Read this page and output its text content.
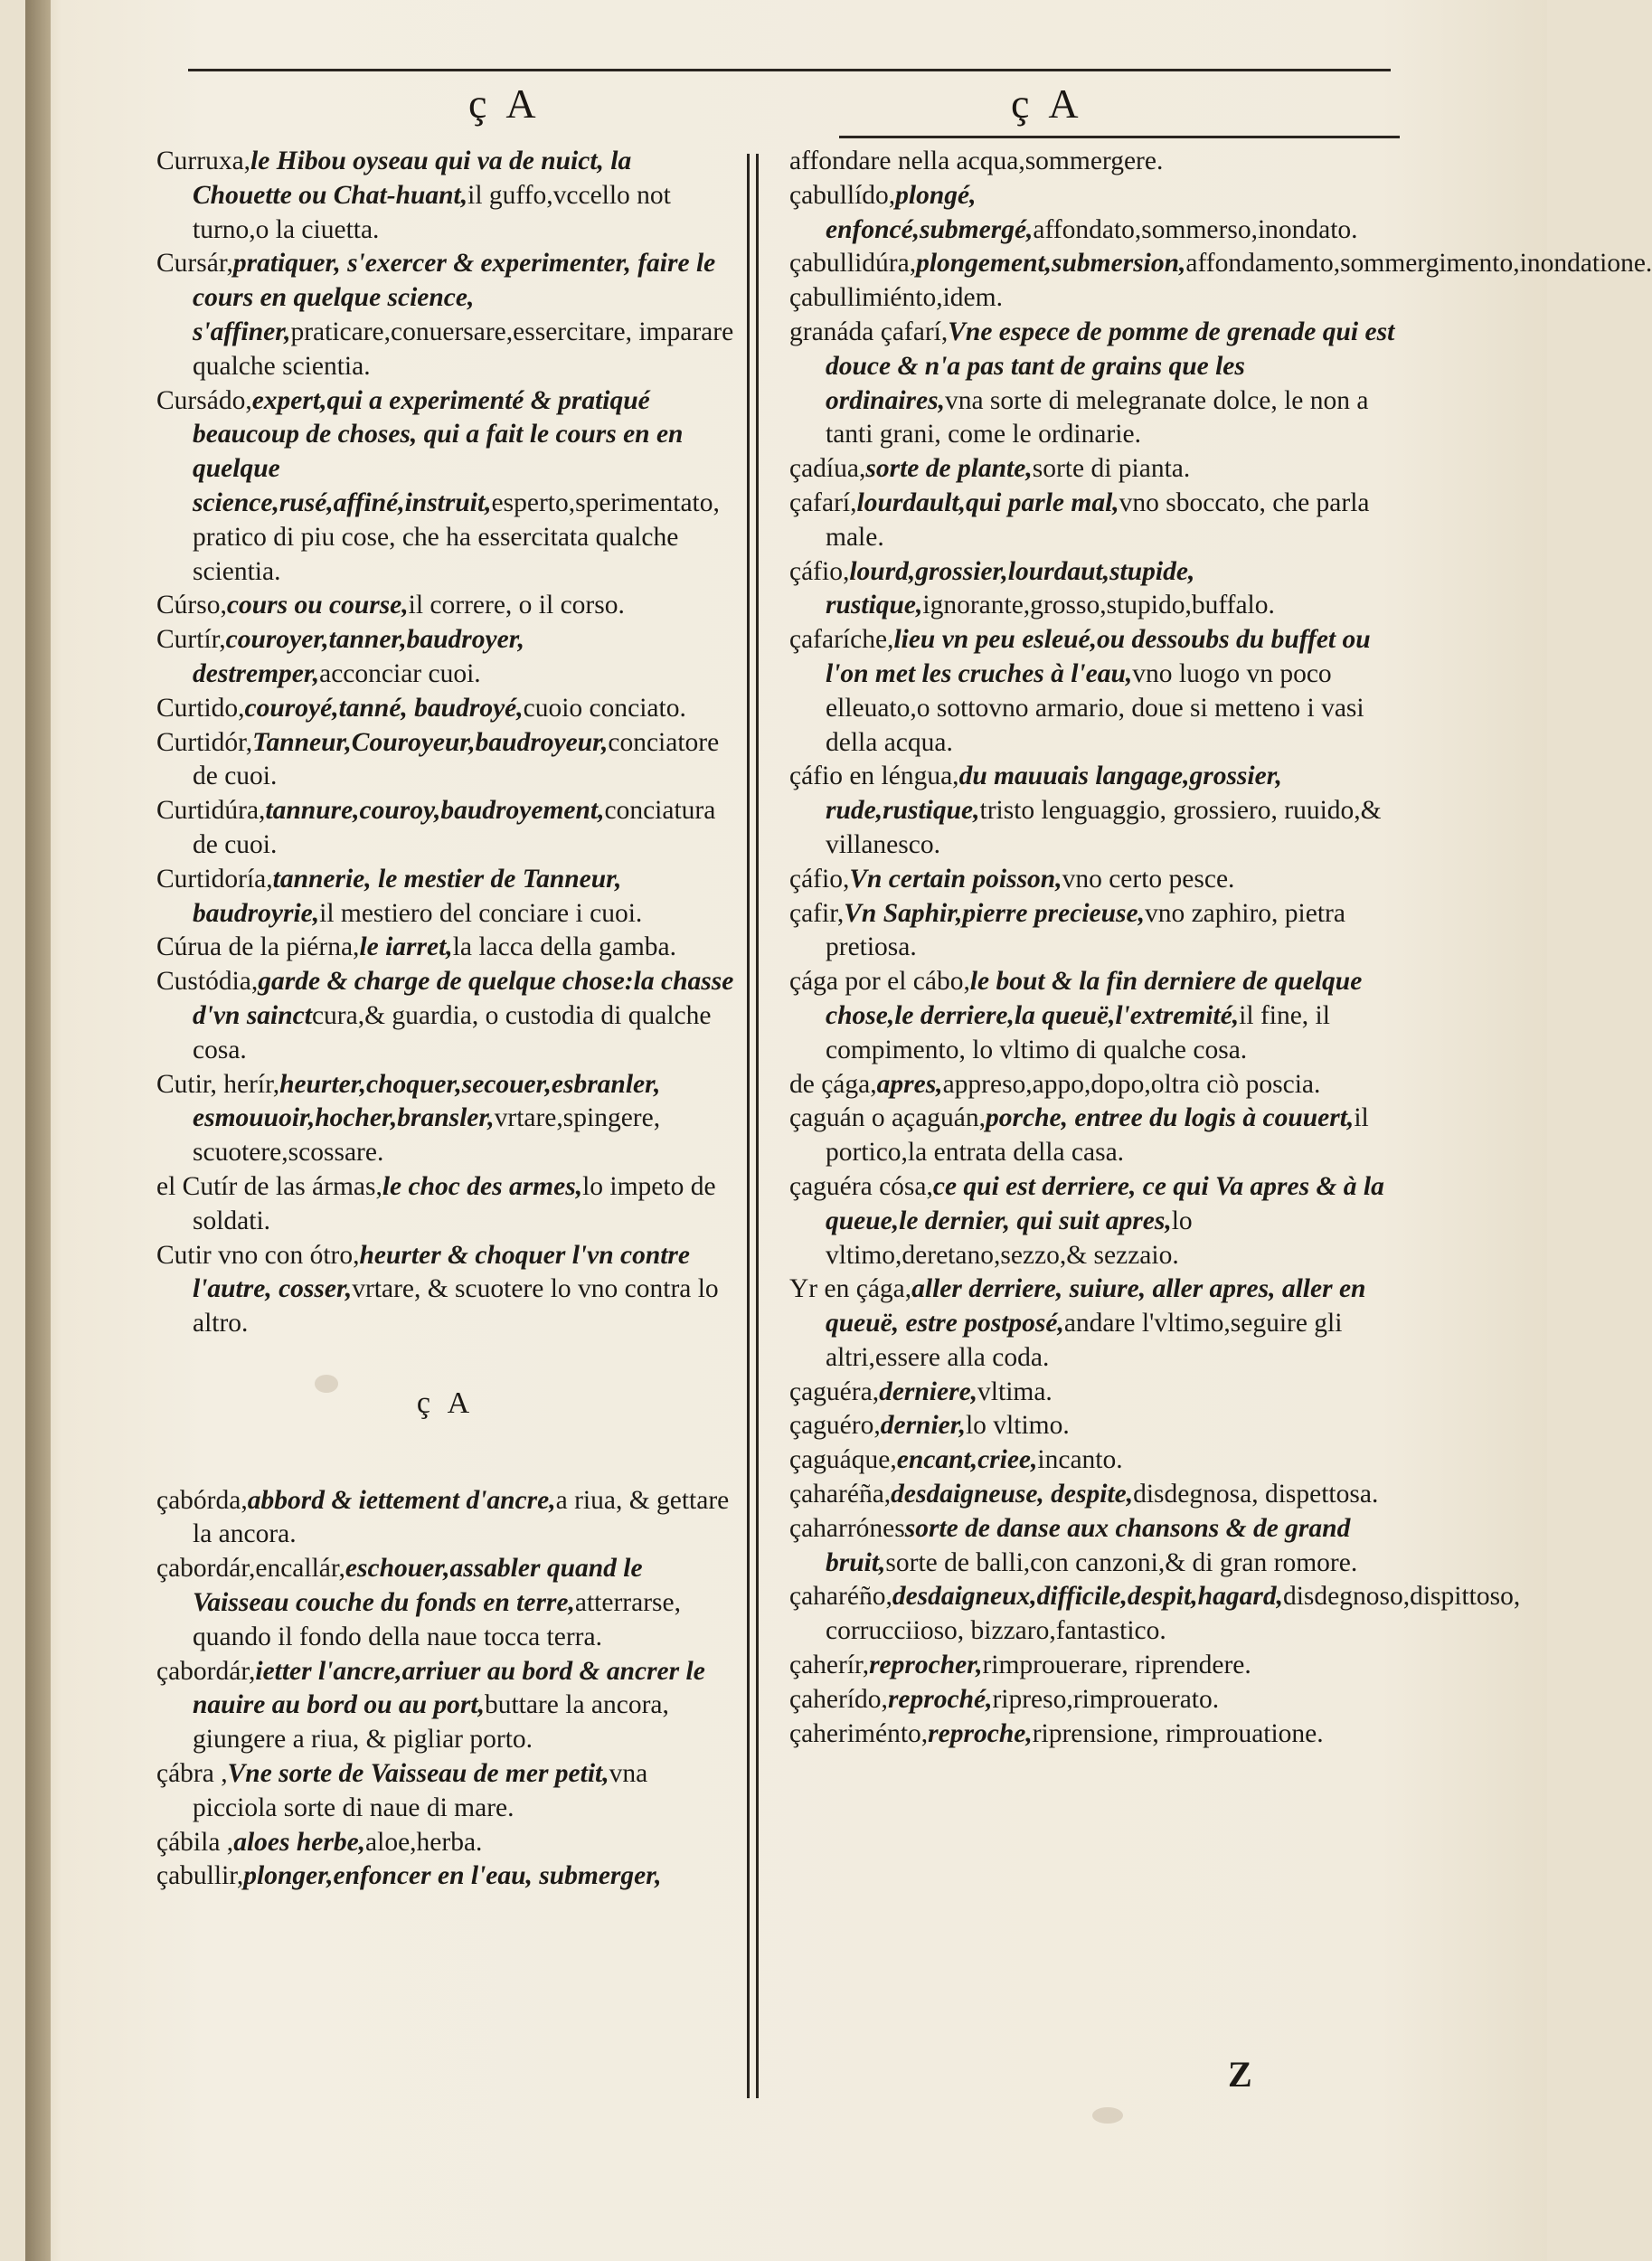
ç A	ç A

Curruxa,le Hibou oyseau qui va de nuict, la Chouette ou Chat-huant,il guffo,vccello not turno,o la ciuetta.

Cursár,pratiquer, s'exercer & experimenter, faire le cours en quelque science, s'affiner,praticare,conuersare,essercitare, imparare qualche scientia.

Cursádo,expert,qui a experimenté & pratiqué beaucoup de choses, qui a fait le cours en en quelque science,rusé,affiné,instruit,esperto,sperimentato, pratico di piu cose, che ha essercitata qualche scientia.

Cúrso,cours ou course,il correre, o il corso.

Curtír,couroyer,tanner,baudroyer, destremper,acconciar cuoi.

Curtido,couroyé,tanné, baudroyé,cuoio conciato.

Curtidór,Tanneur,Couroyeur,baudroyeur,conciatore de cuoi.

Curtidúra,tannure,couroy,baudroyement,conciatura de cuoi.

Curtidoría,tannerie, le mestier de Tanneur, baudroyrie,il mestiero del conciare i cuoi.

Cúrua de la piérna,le iarret,la lacca della gamba.

Custódia,garde & charge de quelque chose:la chasse d'vn sainctcura,& guardia, o custodia di qualche cosa.

Cutir, herír,heurter,choquer,secouer,esbranler, esmouuoir,hocher,bransler,vrtare,spingere, scuotere,scossare.

el Cutír de las ármas,le choc des armes,lo impeto de soldati.

Cutir vno con ótro,heurter & choquer l'vn contre l'autre, cosser,vrtare, & scuotere lo vno contra lo altro.

ç A

çabórda,abbord & iettement d'ancre,a riua, & gettare la ancora.

çabordár,encallár,eschouer,assabler quand le Vaisseau couche du fonds en terre,atterrarse, quando il fondo della naue tocca terra.

çabordár,ietter l'ancre,arriuer au bord & ancrer le nauire au bord ou au port,buttare la ancora, giungere a riua, & pigliar porto.

çábra ,Vne sorte de Vaisseau de mer petit,vna picciola sorte di naue di mare.

çábila ,aloes herbe,aloe,herba.

çabullir,plonger,enfoncer en l'eau, submerger,

affondare nella acqua,sommergere.

çabullído,plongé, enfoncé,submergé,affondato,sommerso,inondato.

çabullidúra,plongement,submersion,affondamento,sommergimento,inondatione.

çabullimiénto,idem.

granáda çafarí,Vne espece de pomme de grenade qui est douce & n'a pas tant de grains que les ordinaires,vna sorte di melegranate dolce, le non a tanti grani, come le ordinarie.

çadíua,sorte de plante,sorte di pianta.

çafarí,lourdault,qui parle mal,vno sboccato, che parla male.

çáfio,lourd,grossier,lourdaut,stupide, rustique,ignorante,grosso,stupido,buffalo.

çafaríche,lieu vn peu esleué,ou dessoubs du buffet ou l'on met les cruches à l'eau,vno luogo vn poco elleuato,o sottovno armario, doue si metteno i vasi della acqua.

çáfio en léngua,du mauuais langage,grossier, rude,rustique,tristo lenguaggio, grossiero, ruuido,& villanesco.

çáfio,Vn certain poisson,vno certo pesce.

çafir,Vn Saphir,pierre precieuse,vno zaphiro, pietra pretiosa.

çága por el cábo,le bout & la fin derniere de quelque chose,le derriere,la queuë,l'extremité,il fine, il compimento, lo vltimo di qualche cosa.

de çága,apres,appreso,appo,dopo,oltra ciò poscia.

çaguán o açaguán,porche, entree du logis à couuert,il portico,la entrata della casa.

çaguéra cósa,ce qui est derriere, ce qui Va apres & à la queue,le dernier, qui suit apres,lo vltimo,deretano,sezzo,& sezzaio.

Yr en çága,aller derriere, suiure, aller apres, aller en queuë, estre postposé,andare l'vltimo,seguire gli altri,essere alla coda.

çaguéra,derniere,vltima.

çaguéro,dernier,lo vltimo.

çaguáque,encant,criee,incanto.

çaharéña,desdaigneuse, despite,disdegnosa, dispettosa.

çaharrónessorte de danse aux chansons & de grand bruit,sorte de balli,con canzoni,& di gran romore.

çaharéño,desdaigneux,difficile,despit,hagard,disdegnoso,dispittoso, corrucciioso, bizzaro,fantastico.

çaherír,reprocher,rimprouerare, riprendere.

çaherído,reproché,ripreso,rimprouerato.

çaheriménto,reproche,riprensione, rimprouatione.

Z
